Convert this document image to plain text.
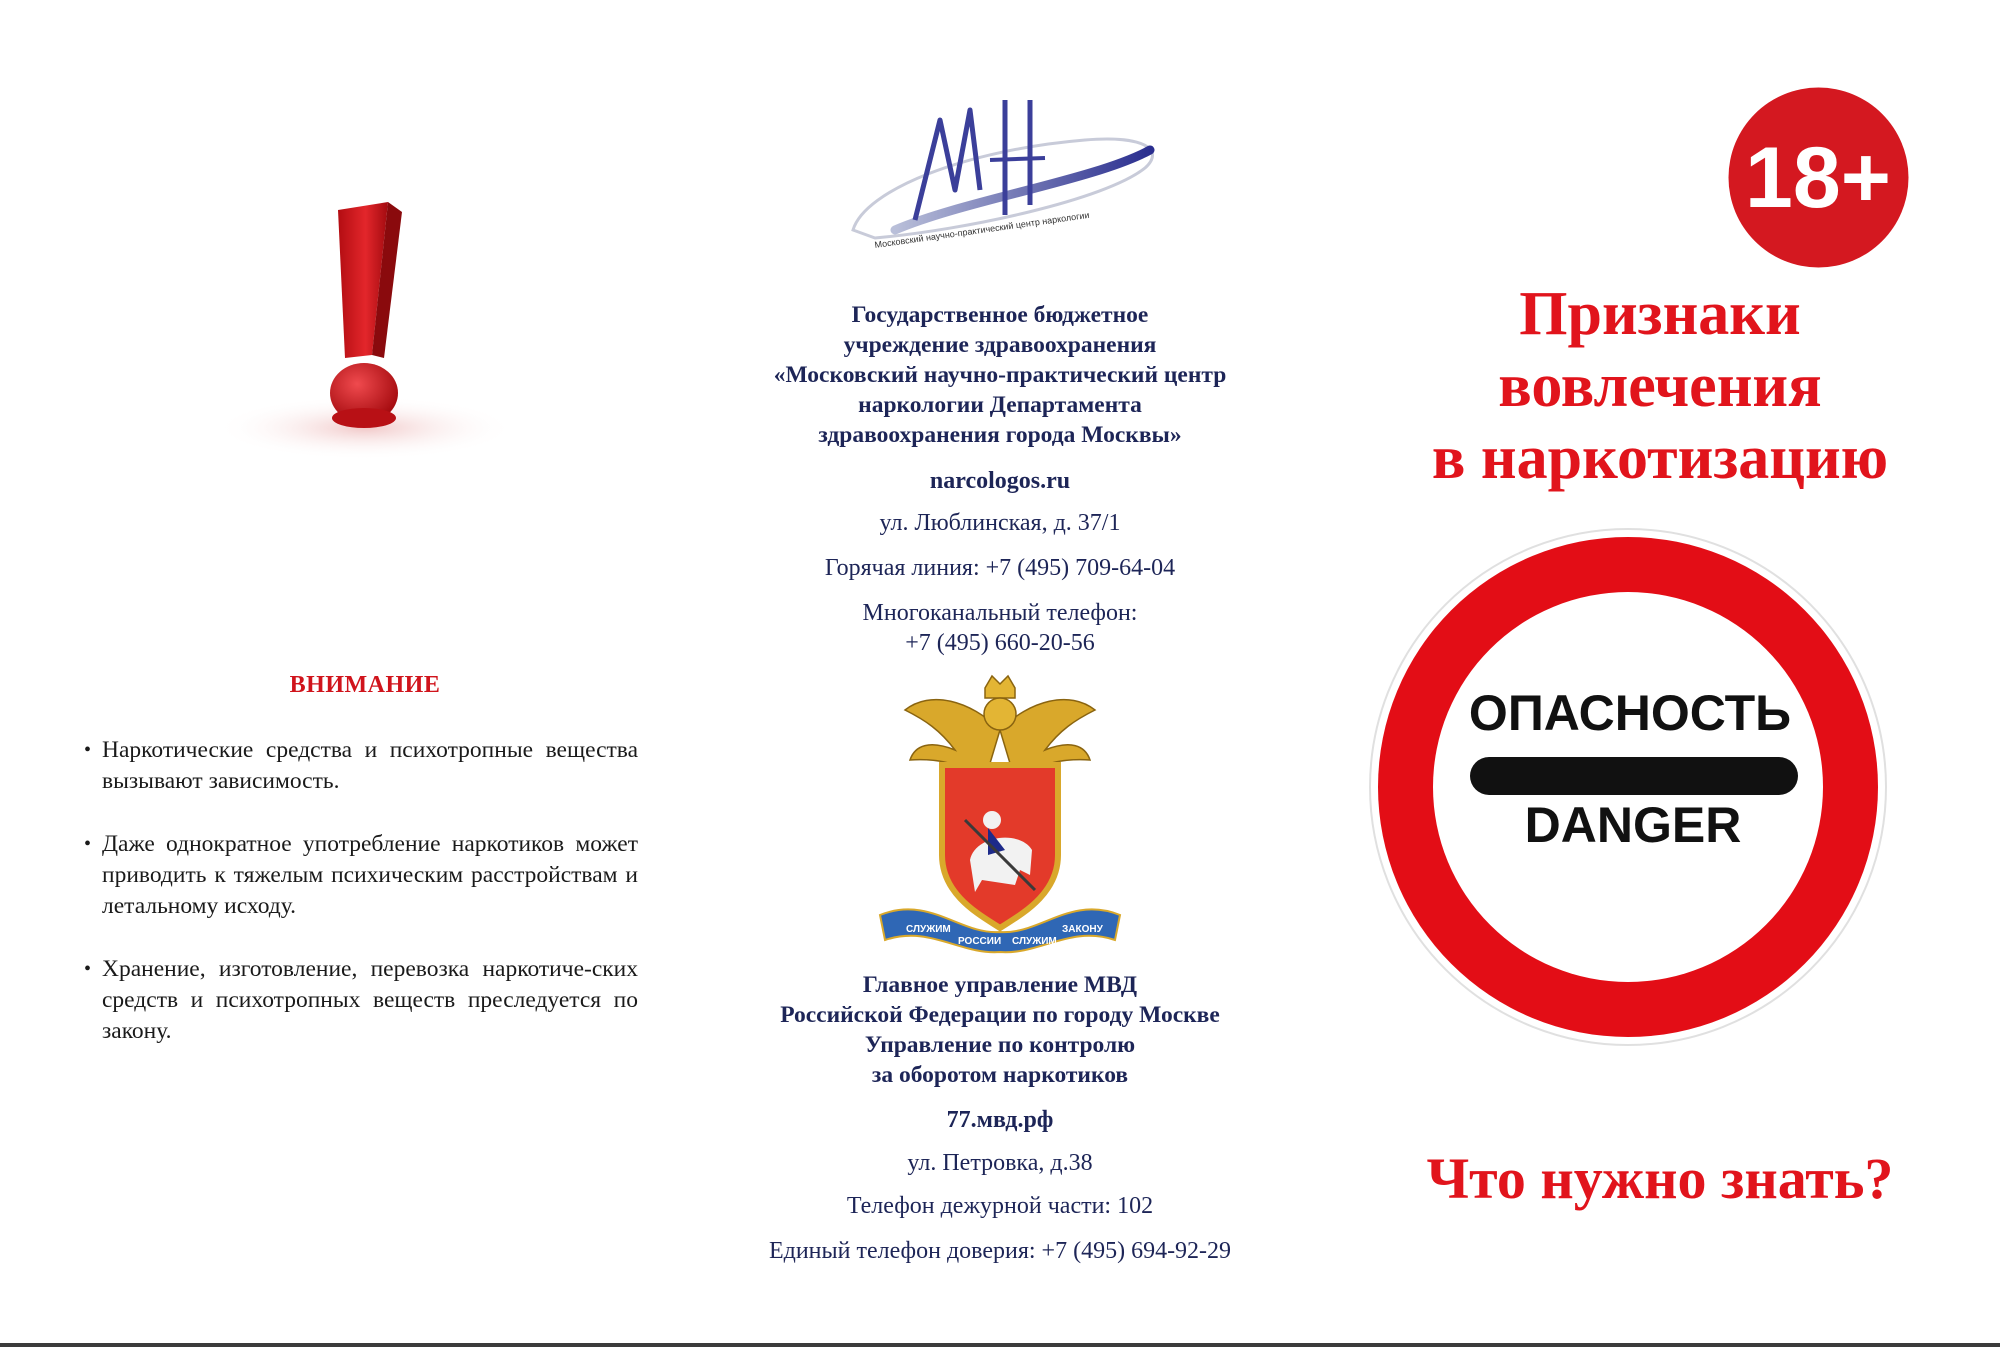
ВНИМАНИЕ
• Наркотические средства и психотропные вещества вызывают зависимость.
• Даже однократное употребление наркотиков может приводить к тяжелым психическим расстройствам и летальному исходу.
• Хранение, изготовление, перевозка наркотиче-ских средств и психотропных веществ преследуется по закону.
Московский научно-практический центр наркологии
Государственное бюджетное
учреждение здравоохранения
«Московский научно-практический центр
наркологии Департамента
здравоохранения города Москвы»
narcologos.ru
ул. Люблинская, д. 37/1
Горячая линия: +7 (495) 709-64-04
Многоканальный телефон:
+7 (495) 660-20-56
СЛУЖИМ
РОССИИ СЛУЖИМ
ЗАКОНУ
Главное управление МВД
Российской Федерации по городу Москве
Управление по контролю
за оборотом наркотиков
77.мвд.рф
ул. Петровка, д.38
Телефон дежурной части: 102
Единый телефон доверия: +7 (495) 694-92-29
18+
Признаки
вовлечения
в наркотизацию
ОПАСНОСТЬ
DANGER
Что нужно знать?
